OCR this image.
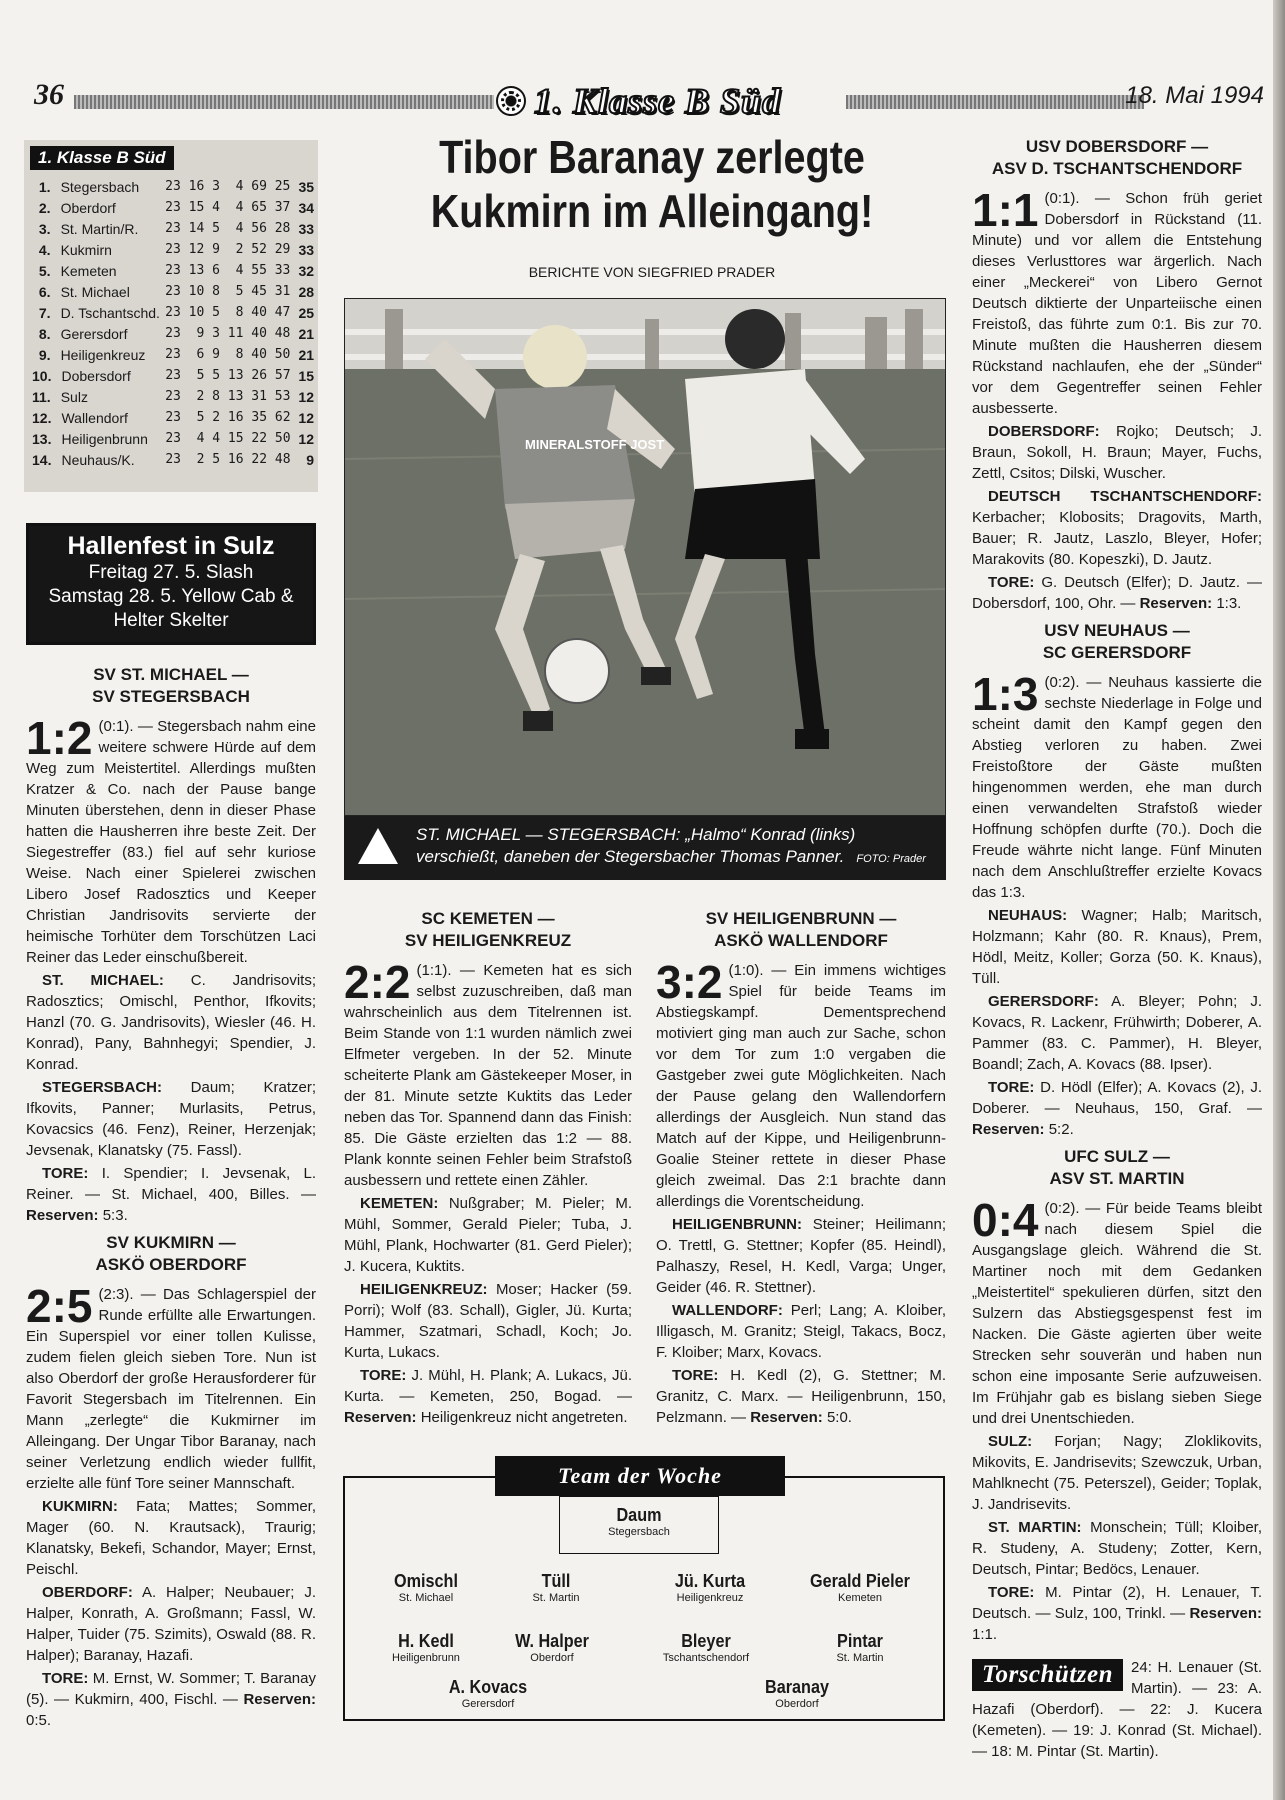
36	1. Klasse B Süd	18. Mai 1994
1. Klasse B Süd
1. Stegersbach	23 16 3  4 69 25 35
2. Oberdorf	23 15 4  4 65 37 34
3. St. Martin/R.	23 14 5  4 56 28 33
4. Kukmirn	23 12 9  2 52 29 33
5. Kemeten	23 13 6  4 55 33 32
6. St. Michael	23 10 8  5 45 31 28
7. D. Tschantschd. 23 10 5  8 40 47 25
8. Gerersdorf	23  9 3 11 40 48 21
9. Heiligenkreuz	23  6 9  8 40 50 21
10. Dobersdorf	23  5 5 13 26 57 15
11. Sulz	23  2 8 13 31 53 12
12. Wallendorf	23  5 2 16 35 62 12
13. Heiligenbrunn	23  4 4 15 22 50 12
14. Neuhaus/K.	23  2 5 16 22 48	9
Hallenfest in Sulz

Freitag 27. 5. Slash

Samstag 28. 5. Yellow Cab &

Helter Skelter

Tibor Baranay zerlegte Kukmirn im Alleingang!
BERICHTE VON SIEGFRIED PRADER
MINERALSTOFF JOST
ST. MICHAEL — STEGERSBACH: „Halmo“ Konrad (links) verschießt, daneben der Stegersbacher Thomas Panner. FOTO: Prader
SV ST. MICHAEL —
SV STEGERSBACH

1:2 (0:1). — Stegersbach nahm eine weitere schwere Hürde auf dem Weg zum Meistertitel. Allerdings mußten Kratzer & Co. nach der Pause bange Minuten überstehen, denn in dieser Phase hatten die Hausherren ihre beste Zeit. Der Siegestreffer (83.) fiel auf sehr kuriose Weise. Nach einer Spielerei zwischen Libero Josef Radosztics und Keeper Christian Jandrisovits servierte der heimische Torhüter dem Torschützen Laci Reiner das Leder einschußbereit.

ST. MICHAEL: C. Jandrisovits; Radosztics; Omischl, Penthor, Ifkovits; Hanzl (70. G. Jandrisovits), Wiesler (46. H. Konrad), Pany, Bahnhegyi; Spendier, J. Konrad.

STEGERSBACH: Daum; Kratzer; Ifkovits, Panner; Murlasits, Petrus, Kovacsics (46. Fenz), Reiner, Herzenjak; Jevsenak, Klanatsky (75. Fassl).

TORE: I. Spendier; I. Jevsenak, L. Reiner. — St. Michael, 400, Billes. — Reserven: 5:3.

SV KUKMIRN —
ASKÖ OBERDORF

2:5 (2:3). — Das Schlagerspiel der Runde erfüllte alle Erwartungen. Ein Superspiel vor einer tollen Kulisse, zudem fielen gleich sieben Tore. Nun ist also Oberdorf der große Herausforderer für Favorit Stegersbach im Titelrennen. Ein Mann „zerlegte“ die Kukmirner im Alleingang. Der Ungar Tibor Baranay, nach seiner Verletzung endlich wieder fullfit, erzielte alle fünf Tore seiner Mannschaft.

KUKMIRN: Fata; Mattes; Sommer, Mager (60. N. Krautsack), Traurig; Klanatsky, Bekefi, Schandor, Mayer; Ernst, Peischl.

OBERDORF: A. Halper; Neubauer; J. Halper, Konrath, A. Großmann; Fassl, W. Halper, Tuider (75. Szimits), Oswald (88. R. Halper); Baranay, Hazafi.

TORE: M. Ernst, W. Sommer; T. Baranay (5). — Kukmirn, 400, Fischl. — Reserven: 0:5.

SC KEMETEN —
SV HEILIGENKREUZ

2:2 (1:1). — Kemeten hat es sich selbst zuzuschreiben, daß man wahrscheinlich aus dem Titelrennen ist. Beim Stande von 1:1 wurden nämlich zwei Elfmeter vergeben. In der 52. Minute scheiterte Plank am Gästekeeper Moser, in der 81. Minute setzte Kuktits das Leder neben das Tor. Spannend dann das Finish: 85. Die Gäste erzielten das 1:2 — 88. Plank konnte seinen Fehler beim Strafstoß ausbessern und rettete einen Zähler.

KEMETEN: Nußgraber; M. Pieler; M. Mühl, Sommer, Gerald Pieler; Tuba, J. Mühl, Plank, Hochwarter (81. Gerd Pieler); J. Kucera, Kuktits.

HEILIGENKREUZ: Moser; Hacker (59. Porri); Wolf (83. Schall), Gigler, Jü. Kurta; Hammer, Szatmari, Schadl, Koch; Jo. Kurta, Lukacs.

TORE: J. Mühl, H. Plank; A. Lukacs, Jü. Kurta. — Kemeten, 250, Bogad. — Reserven: Heiligenkreuz nicht angetreten.

SV HEILIGENBRUNN —
ASKÖ WALLENDORF

3:2 (1:0). — Ein immens wichtiges Spiel für beide Teams im Abstiegskampf. Dementsprechend motiviert ging man auch zur Sache, schon vor dem Tor zum 1:0 vergaben die Gastgeber zwei gute Möglichkeiten. Nach der Pause gelang den Wallendorfern allerdings der Ausgleich. Nun stand das Match auf der Kippe, und Heiligenbrunn-Goalie Steiner rettete in dieser Phase gleich zweimal. Das 2:1 brachte dann allerdings die Vorentscheidung.

HEILIGENBRUNN: Steiner; Heilimann; O. Trettl, G. Stettner; Kopfer (85. Heindl), Palhaszy, Resel, H. Kedl, Varga; Unger, Geider (46. R. Stettner).

WALLENDORF: Perl; Lang; A. Kloiber, Illigasch, M. Granitz; Steigl, Takacs, Bocz, F. Kloiber; Marx, Kovacs.

TORE: H. Kedl (2), G. Stettner; M. Granitz, C. Marx. — Heiligenbrunn, 150, Pelzmann. — Reserven: 5:0.

Team der Woche
Daum
Stegersbach
Omischl
St. Michael
Tüll
St. Martin
Jü. Kurta
Heiligenkreuz
Gerald Pieler
Kemeten
H. Kedl
Heiligenbrunn
W. Halper
Oberdorf
Bleyer
Tschantschendorf
Pintar
St. Martin
A. Kovacs
Gerersdorf
Baranay
Oberdorf
USV DOBERSDORF —
ASV D. TSCHANTSCHENDORF

1:1 (0:1). — Schon früh geriet Dobersdorf in Rückstand (11. Minute) und vor allem die Entstehung dieses Verlusttores war ärgerlich. Nach einer „Meckerei“ von Libero Gernot Deutsch diktierte der Unparteiische einen Freistoß, das führte zum 0:1. Bis zur 70. Minute mußten die Hausherren diesem Rückstand nachlaufen, ehe der „Sünder“ vor dem Gegentreffer seinen Fehler ausbesserte.

DOBERSDORF: Rojko; Deutsch; J. Braun, Sokoll, H. Braun; Mayer, Fuchs, Zettl, Csitos; Dilski, Wuscher.

DEUTSCH TSCHANTSCHENDORF: Kerbacher; Klobosits; Dragovits, Marth, Bauer; R. Jautz, Laszlo, Bleyer, Hofer; Marakovits (80. Kopeszki), D. Jautz.

TORE: G. Deutsch (Elfer); D. Jautz. — Dobersdorf, 100, Ohr. — Reserven: 1:3.

USV NEUHAUS —
SC GERERSDORF

1:3 (0:2). — Neuhaus kassierte die sechste Niederlage in Folge und scheint damit den Kampf gegen den Abstieg verloren zu haben. Zwei Freistoßtore der Gäste mußten hingenommen werden, ehe man durch einen verwandelten Strafstoß wieder Hoffnung schöpfen durfte (70.). Doch die Freude währte nicht lange. Fünf Minuten nach dem Anschlußtreffer erzielte Kovacs das 1:3.

NEUHAUS: Wagner; Halb; Maritsch, Holzmann; Kahr (80. R. Knaus), Prem, Hödl, Meitz, Koller; Gorza (50. K. Knaus), Tüll.

GERERSDORF: A. Bleyer; Pohn; J. Kovacs, R. Lackenr, Frühwirth; Doberer, A. Pammer (83. C. Pammer), H. Bleyer, Boandl; Zach, A. Kovacs (88. Ipser).

TORE: D. Hödl (Elfer); A. Kovacs (2), J. Doberer. — Neuhaus, 150, Graf. — Reserven: 5:2.

UFC SULZ —
ASV ST. MARTIN

0:4 (0:2). — Für beide Teams bleibt nach diesem Spiel die Ausgangslage gleich. Während die St. Martiner noch mit dem Gedanken „Meistertitel“ spekulieren dürfen, sitzt den Sulzern das Abstiegsgespenst fest im Nacken. Die Gäste agierten über weite Strecken sehr souverän und haben nun schon eine imposante Serie aufzuweisen. Im Frühjahr gab es bislang sieben Siege und drei Unentschieden.

SULZ: Forjan; Nagy; Zloklikovits, Mikovits, E. Jandrisevits; Szewczuk, Urban, Mahlknecht (75. Peterszel), Geider; Toplak, J. Jandrisevits.

ST. MARTIN: Monschein; Tüll; Kloiber, R. Studeny, A. Studeny; Zotter, Kern, Deutsch, Pintar; Bedöcs, Lenauer.

TORE: M. Pintar (2), H. Lenauer, T. Deutsch. — Sulz, 100, Trinkl. — Reserven: 1:1.

Torschützen	24: H. Lenauer (St. Martin). — 23: A. Hazafi (Oberdorf). — 22: J. Kucera (Kemeten). — 19: J. Konrad (St. Michael). — 18: M. Pintar (St. Martin).
